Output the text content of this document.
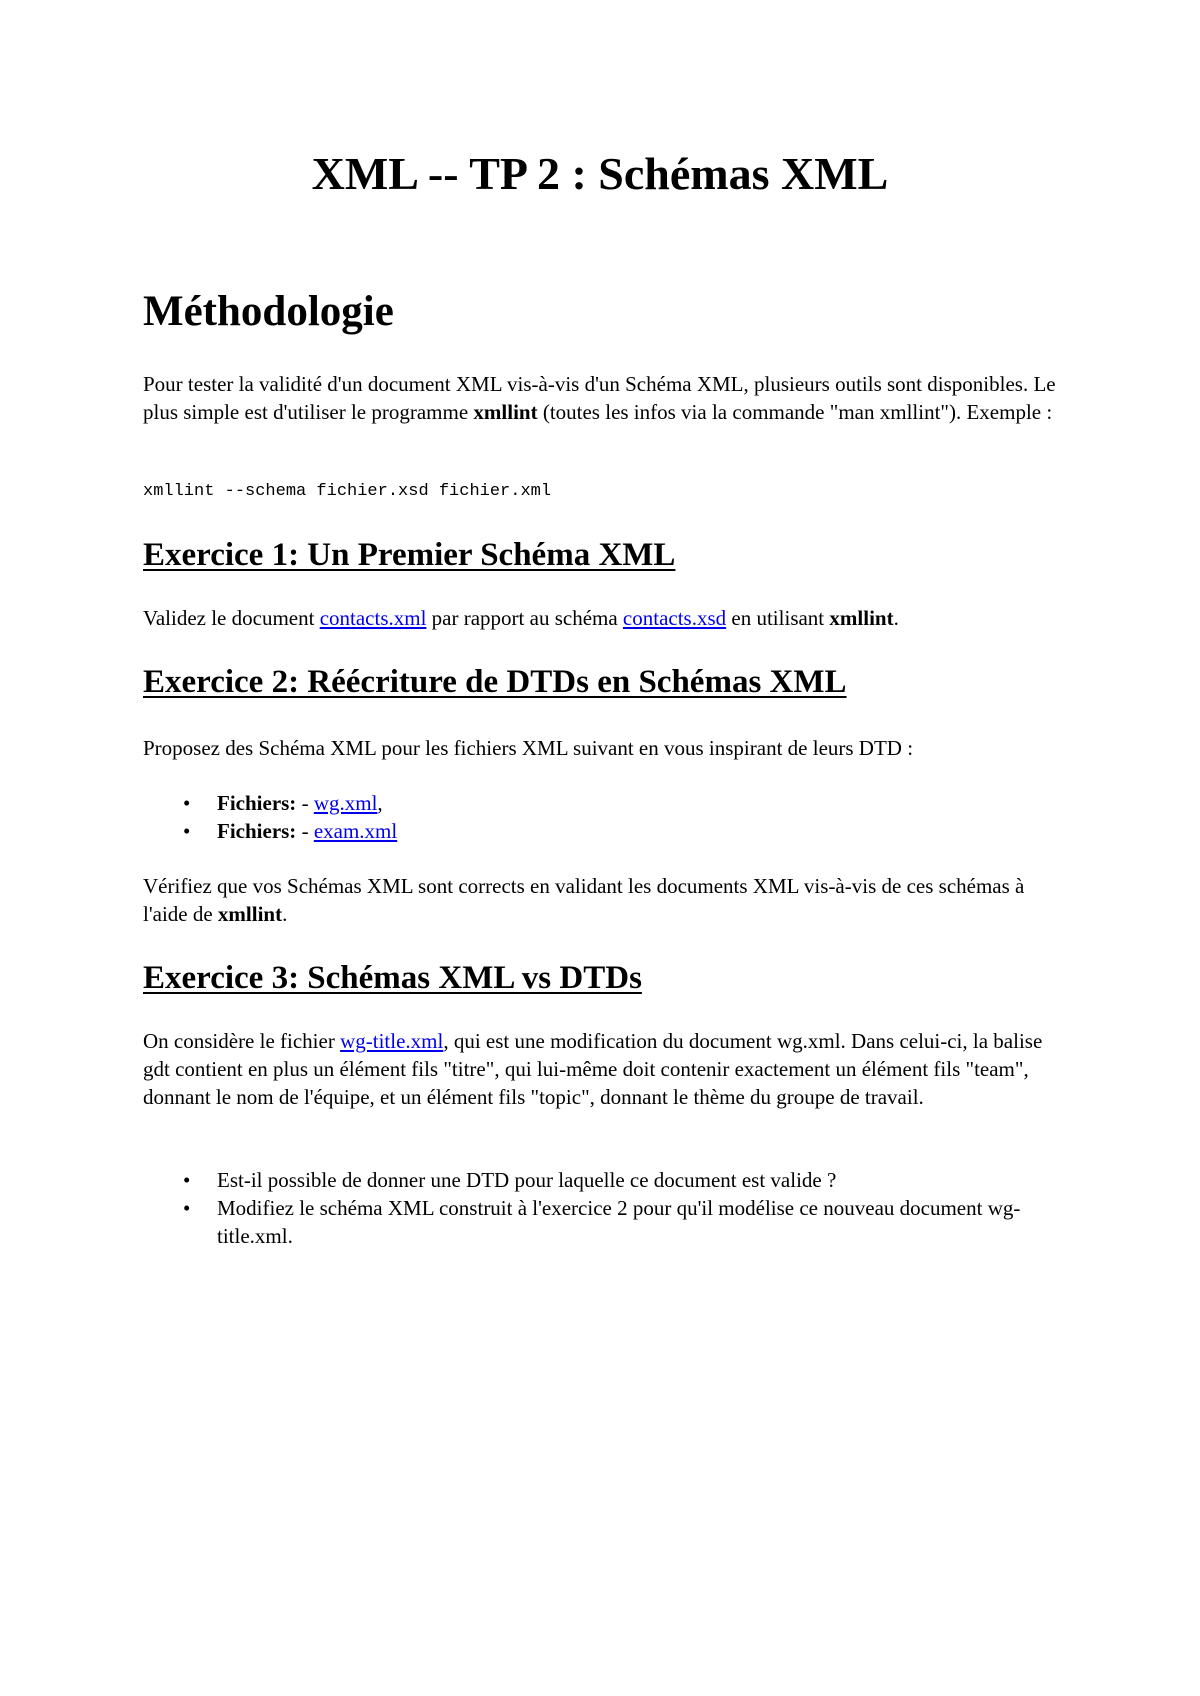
XML -- TP 2 : Schémas XML
Méthodologie

Pour tester la validité d'un document XML vis-à-vis d'un Schéma XML, plusieurs outils sont disponibles. Le plus simple est d'utiliser le programme xmllint (toutes les infos via la commande "man xmllint"). Exemple :

xmllint --schema fichier.xsd fichier.xml
Exercice 1: Un Premier Schéma XML

Validez le document contacts.xml par rapport au schéma contacts.xsd en utilisant xmllint.

Exercice 2: Réécriture de DTDs en Schémas XML

Proposez des Schéma XML pour les fichiers XML suivant en vous inspirant de leurs DTD :

• Fichiers: - wg.xml,
• Fichiers: - exam.xml

Vérifiez que vos Schémas XML sont corrects en validant les documents XML vis-à-vis de ces schémas à l'aide de xmllint.

Exercice 3: Schémas XML vs DTDs

On considère le fichier wg-title.xml, qui est une modification du document wg.xml. Dans celui-ci, la balise gdt contient en plus un élément fils "titre", qui lui-même doit contenir exactement un élément fils "team", donnant le nom de l'équipe, et un élément fils "topic", donnant le thème du groupe de travail.

• Est-il possible de donner une DTD pour laquelle ce document est valide ?
• Modifiez le schéma XML construit à l'exercice 2 pour qu'il modélise ce nouveau document wg-title.xml.
